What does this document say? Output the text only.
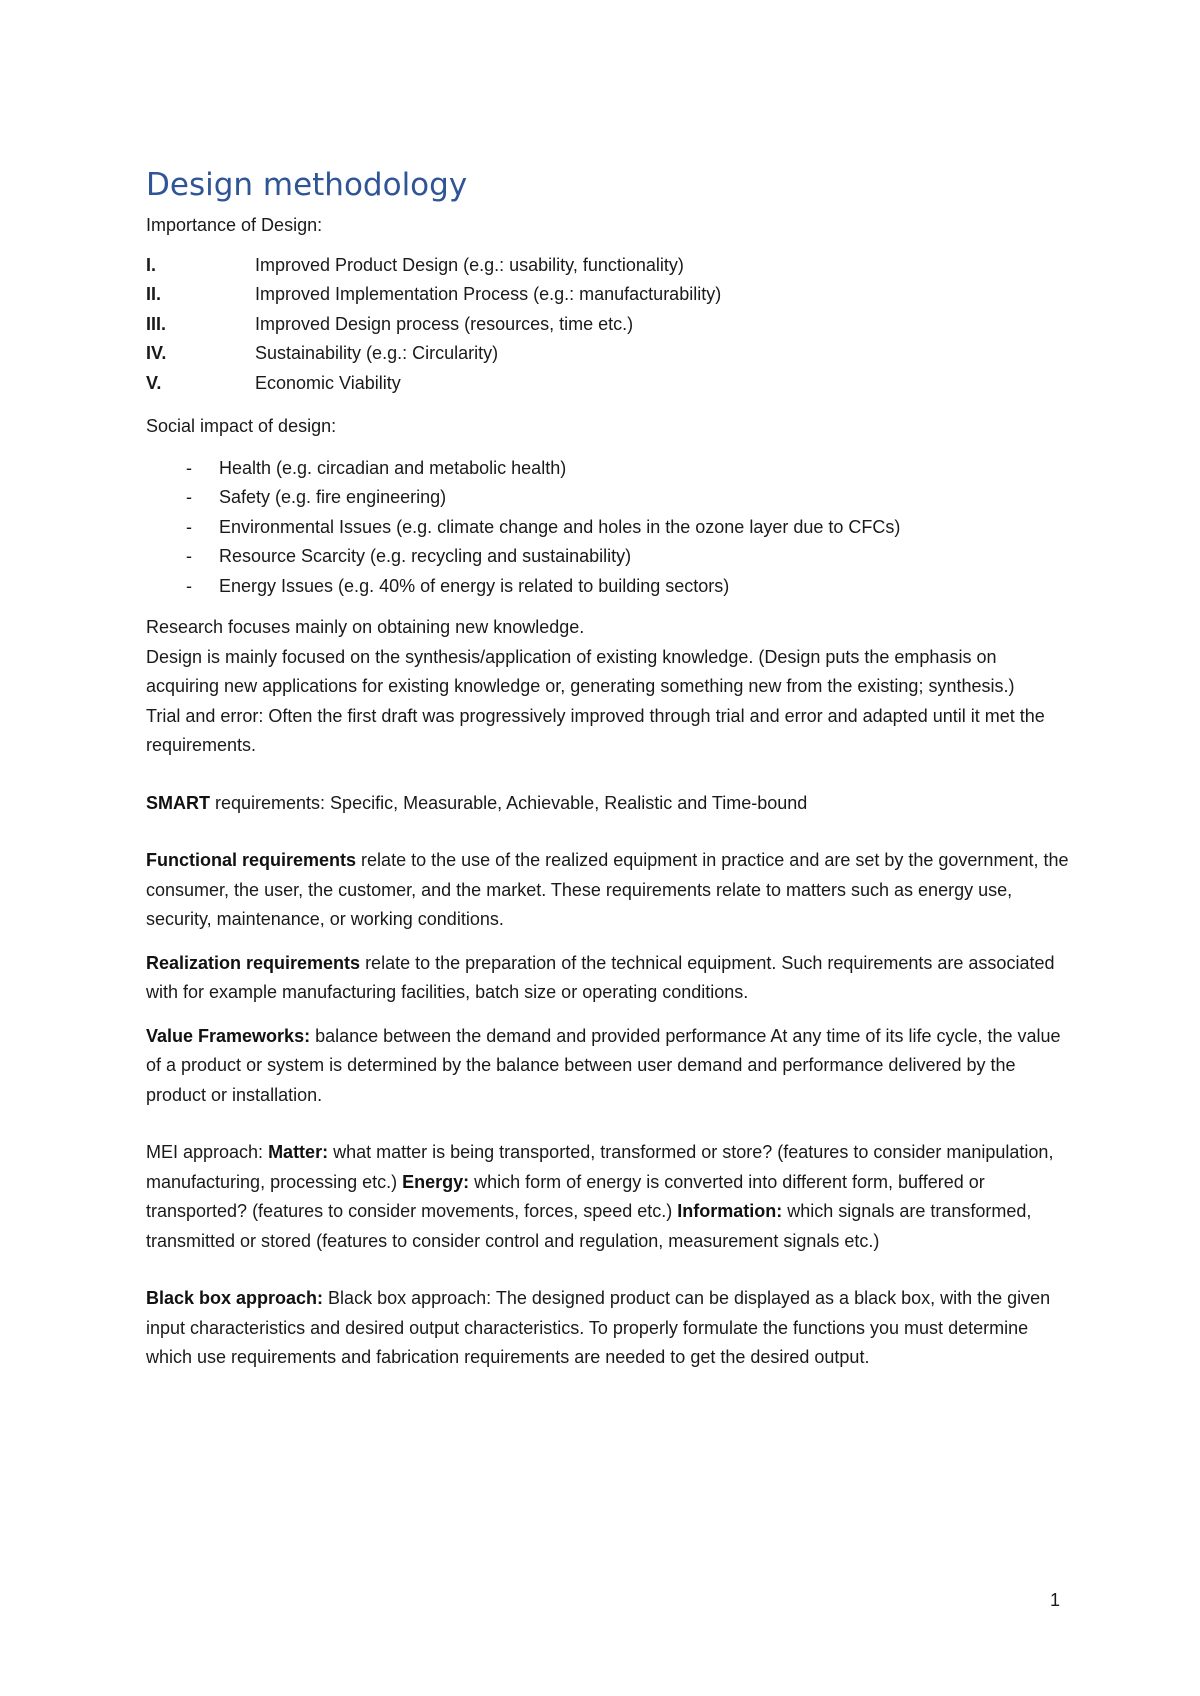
Design methodology

Importance of Design:

I.	Improved Product Design (e.g.: usability, functionality)
II.	Improved Implementation Process (e.g.: manufacturability)
III.	Improved Design process (resources, time etc.)
IV.	Sustainability (e.g.: Circularity)
V.	Economic Viability

Social impact of design:

-	Health (e.g. circadian and metabolic health)
-	Safety (e.g. fire engineering)
-	Environmental Issues (e.g. climate change and holes in the ozone layer due to CFCs)
-	Resource Scarcity (e.g. recycling and sustainability)
-	Energy Issues (e.g. 40% of energy is related to building sectors)

Research focuses mainly on obtaining new knowledge.

Design is mainly focused on the synthesis/application of existing knowledge. (Design puts the emphasis on acquiring new applications for existing knowledge or, generating something new from the existing; synthesis.)

Trial and error: Often the first draft was progressively improved through trial and error and adapted until it met the requirements.

SMART requirements: Specific, Measurable, Achievable, Realistic and Time-bound

Functional requirements relate to the use of the realized equipment in practice and are set by the government, the consumer, the user, the customer, and the market. These requirements relate to matters such as energy use, security, maintenance, or working conditions.

Realization requirements relate to the preparation of the technical equipment. Such requirements are associated with for example manufacturing facilities, batch size or operating conditions.

Value Frameworks: balance between the demand and provided performance At any time of its life cycle, the value of a product or system is determined by the balance between user demand and performance delivered by the product or installation.

MEI approach: Matter: what matter is being transported, transformed or store? (features to consider manipulation, manufacturing, processing etc.) Energy: which form of energy is converted into different form, buffered or transported? (features to consider movements, forces, speed etc.) Information: which signals are transformed, transmitted or stored (features to consider control and regulation, measurement signals etc.)

Black box approach: Black box approach: The designed product can be displayed as a black box, with the given input characteristics and desired output characteristics. To properly formulate the functions you must determine which use requirements and fabrication requirements are needed to get the desired output.

1
